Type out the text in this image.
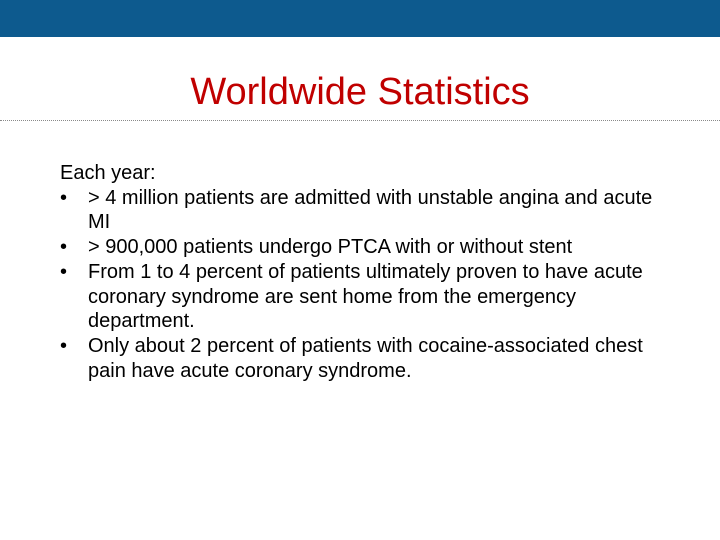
Worldwide Statistics
Each year:
•	> 4 million patients are admitted with unstable angina and acute MI
•	> 900,000 patients undergo PTCA with or without stent
•	From 1 to 4 percent of patients ultimately proven to have acute coronary syndrome are sent home from the emergency department.
•	Only about 2 percent of patients with cocaine-associated chest pain have acute coronary syndrome.
